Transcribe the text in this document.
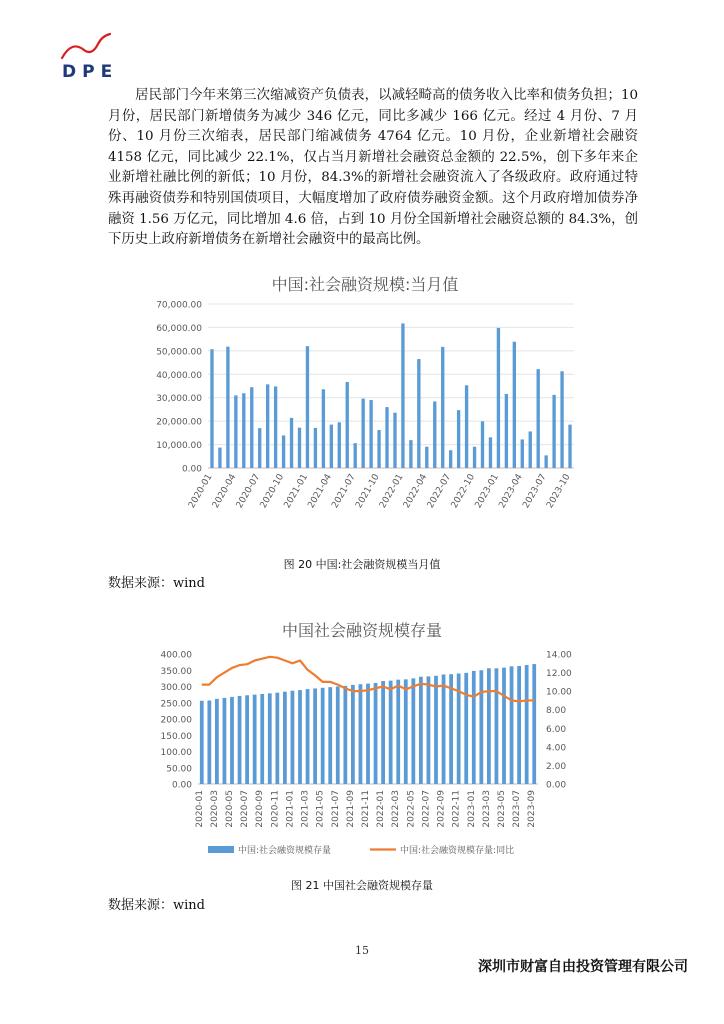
DPE
居民部门今年来第三次缩减资产负债表，以减轻畸高的债务收入比率和债务负担；10月份，居民部门新增债务为减少 346 亿元，同比多减少 166 亿元。经过 4 月份、7 月份、10 月份三次缩表，居民部门缩减债务 4764 亿元。10 月份，企业新增社会融资 4158 亿元，同比减少 22.1%，仅占当月新增社会融资总金额的 22.5%，创下多年来企业新增社融比例的新低；10 月份，84.3%的新增社会融资流入了各级政府。政府通过特殊再融资债券和特别国债项目，大幅度增加了政府债券融资金额。这个月政府增加债券净融资 1.56 万亿元，同比增加 4.6 倍，占到 10 月份全国新增社会融资总额的 84.3%，创下历史上政府新增债务在新增社会融资中的最高比例。
中国:社会融资规模:当月值
0.00
10,000.00
20,000.00
30,000.00
40,000.00
50,000.00
60,000.00
70,000.00
2020-01
2020-04
2020-07
2020-10
2021-01
2021-04
2021-07
2021-10
2022-01
2022-04
2022-07
2022-10
2023-01
2023-04
2023-07
2023-10
图 20 中国:社会融资规模当月值
数据来源：wind
中国社会融资规模存量
0.00
50.00
100.00
150.00
200.00
250.00
300.00
350.00
400.00
0.00
2.00
4.00
6.00
8.00
10.00
12.00
14.00
2020-01 2020-03 2020-05 2020-07 2020-09 2020-11 2021-01 2021-03 2021-05 2021-07 2021-09 2021-11 2022-01 2022-03 2022-05 2022-07 2022-09 2022-11 2023-01 2023-03 2023-05 2023-07 2023-09
中国:社会融资规模存量	中国:社会融资规模存量:同比
图 21 中国社会融资规模存量
数据来源：wind
15
深圳市财富自由投资管理有限公司
